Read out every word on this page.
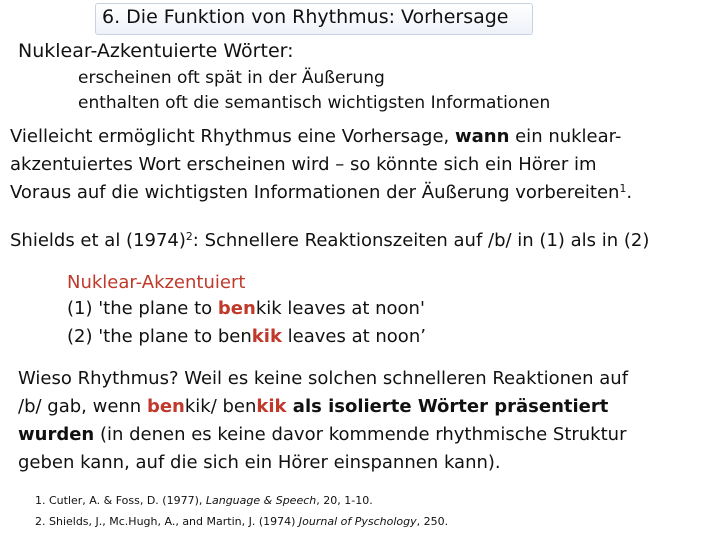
6. Die Funktion von Rhythmus: Vorhersage
Nuklear-Azkentuierte Wörter:
erscheinen oft spät in der Äußerung
enthalten oft die semantisch wichtigsten Informationen
Vielleicht ermöglicht Rhythmus eine Vorhersage, wann ein nuklear-
akzentuiertes Wort erscheinen wird – so könnte sich ein Hörer im
Voraus auf die wichtigsten Informationen der Äußerung vorbereiten$^1$.
Shields et al $(1974)^2$: Schnellere Reaktionszeiten auf /b/ in (1) als in (2)
Nuklear-Akzentuiert
(1) 'the plane to benkik leaves at noon'
(2) 'the plane to benkik leaves at noon’
Wieso Rhythmus? Weil es keine solchen schnelleren Reaktionen auf
/b/ gab, wenn benkik/ benkik als isolierte Wörter präsentiert
wurden (in denen es keine davor kommende rhythmische Struktur
geben kann, auf die sich ein Hörer einspannen kann).
1. Cutler, A. & Foss, D. (1977), Language & Speech, 20, 1-10.
2. Shields, J., Mc.Hugh, A., and Martin, J. (1974) Journal of Pyschology, 250.
